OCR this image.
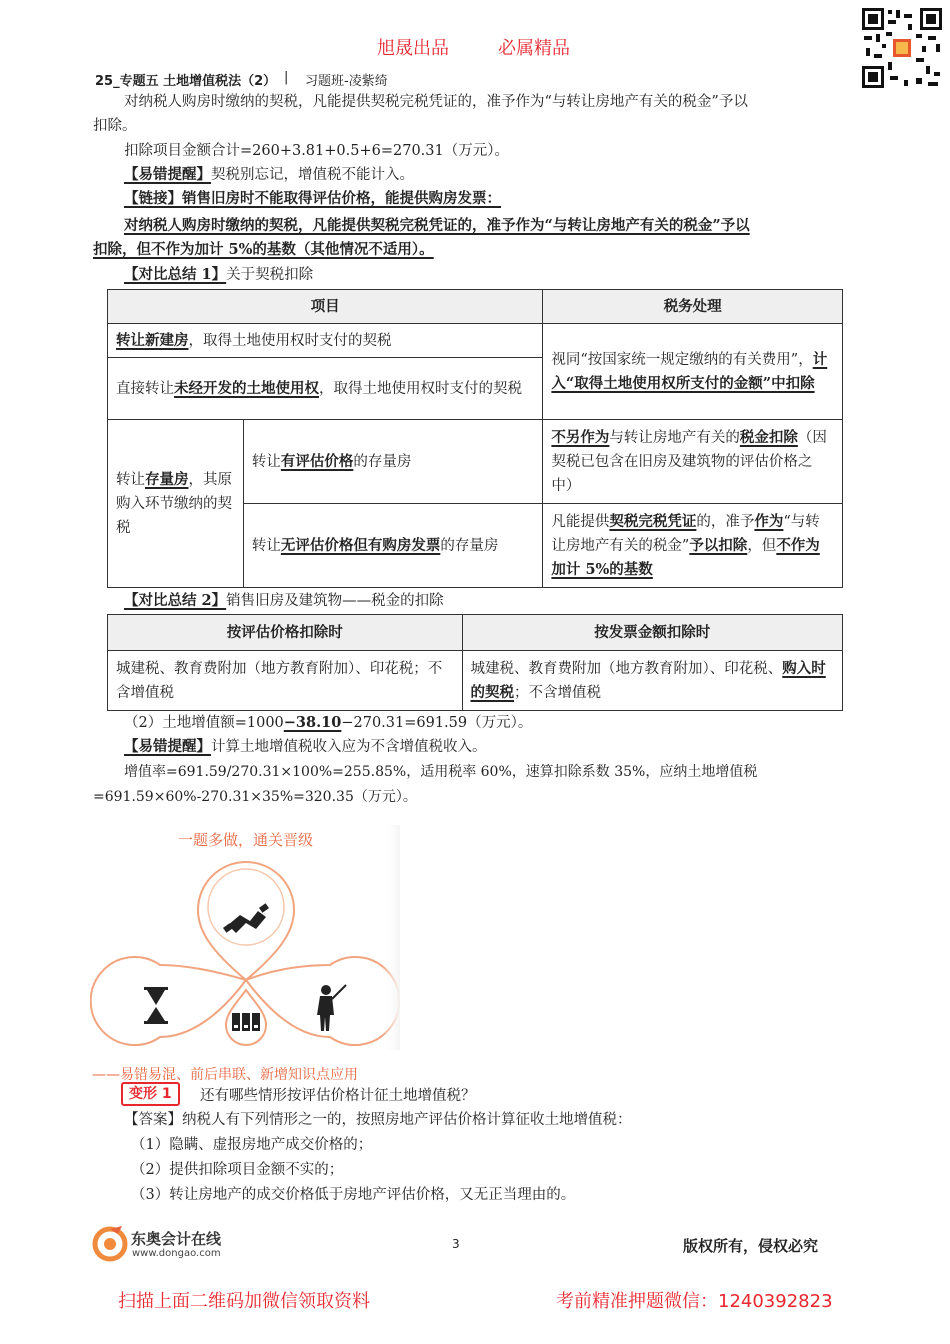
旭晟出品	必属精品
25_专题五 土地增值税法（2） | 习题班-凌紫绮
对纳税人购房时缴纳的契税，凡能提供契税完税凭证的，准予作为“与转让房地产有关的税金”予以
扣除。
扣除项目金额合计=260+3.81+0.5+6=270.31（万元）。
【易错提醒】契税别忘记，增值税不能计入。
【链接】销售旧房时不能取得评估价格，能提供购房发票：
对纳税人购房时缴纳的契税，凡能提供契税完税凭证的，准予作为“与转让房地产有关的税金”予以
扣除，但不作为加计 5%的基数（其他情况不适用）。
【对比总结 1】关于契税扣除
项目		税务处理
转让新建房，取得土地使用权时支付的契税		视同“按国家统一规定缴纳的有关费用”，计入“取得土地使用权所支付的金额”中扣除
直接转让未经开发的土地使用权，取得土地使用权时支付的契税		
转让存量房，其原购入环节缴纳的契税	转让有评估价格的存量房	不另作为与转让房地产有关的税金扣除（因契税已包含在旧房及建筑物的评估价格之中）
	转让无评估价格但有购房发票的存量房	凡能提供契税完税凭证的，准予作为“与转让房地产有关的税金”予以扣除，但不作为加计 5%的基数
【对比总结 2】销售旧房及建筑物——税金的扣除
按评估价格扣除时	按发票金额扣除时
城建税、教育费附加（地方教育附加）、印花税；不含增值税	城建税、教育费附加（地方教育附加）、印花税、购入时的契税；不含增值税
（2）土地增值额=1000−38.10−270.31=691.59（万元）。
【易错提醒】计算土地增值税收入应为不含增值税收入。
增值率=691.59/270.31×100%=255.85%，适用税率 60%，速算扣除系数 35%，应纳土地增值税
=691.59×60%-270.31×35%=320.35（万元）。
一题多做，通关晋级
——易错易混、前后串联、新增知识点应用
变形 1	还有哪些情形按评估价格计征土地增值税？
【答案】纳税人有下列情形之一的，按照房地产评估价格计算征收土地增值税：
（1）隐瞒、虚报房地产成交价格的；
（2）提供扣除项目金额不实的；
（3）转让房地产的成交价格低于房地产评估价格，又无正当理由的。
东奥会计在线
www.dongao.com
3	版权所有，侵权必究
扫描上面二维码加微信领取资料	考前精准押题微信：1240392823
